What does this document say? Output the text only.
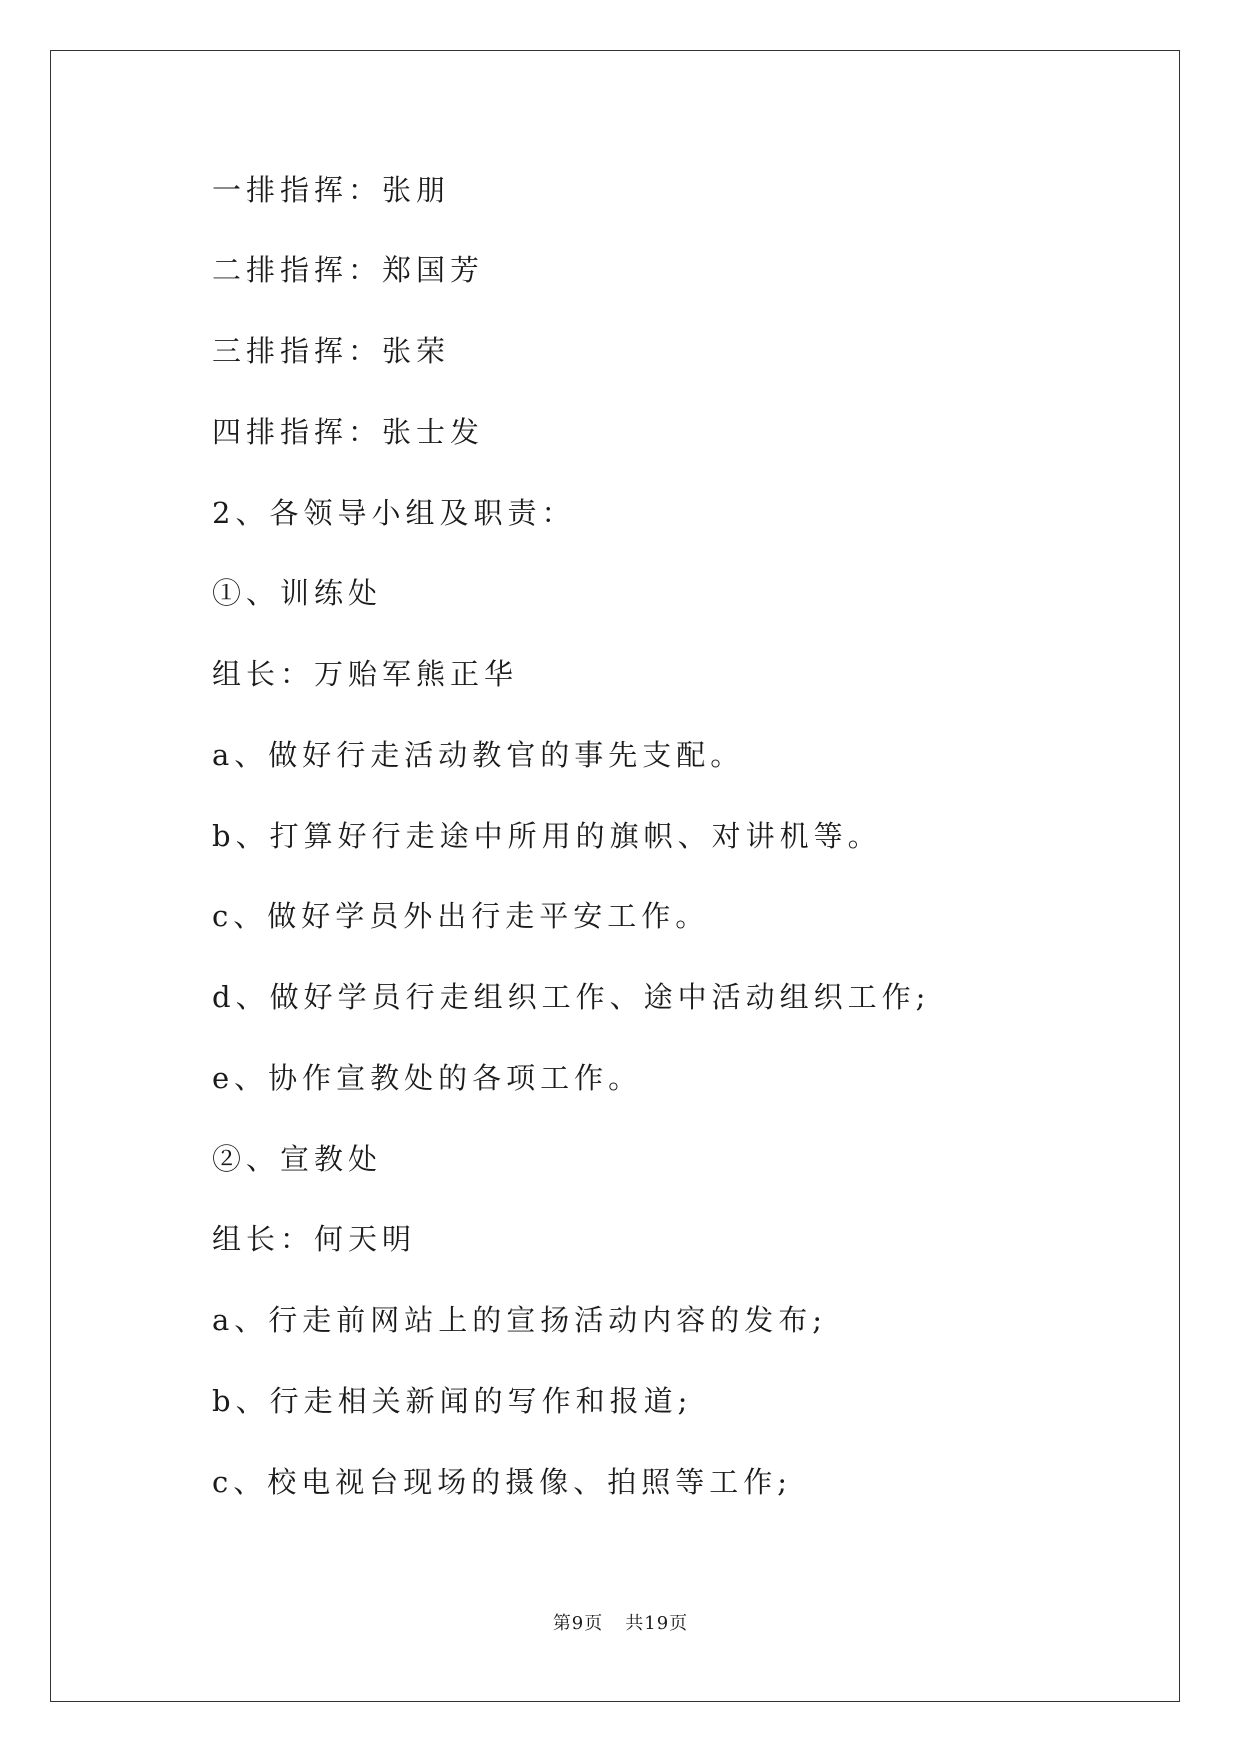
一排指挥：张朋
二排指挥：郑国芳
三排指挥：张荣
四排指挥：张士发
2、各领导小组及职责：
①、训练处
组长：万贻军熊正华
a、做好行走活动教官的事先支配。
b、打算好行走途中所用的旗帜、对讲机等。
c、做好学员外出行走平安工作。
d、做好学员行走组织工作、途中活动组织工作;
e、协作宣教处的各项工作。
②、宣教处
组长：何天明
a、行走前网站上的宣扬活动内容的发布;
b、行走相关新闻的写作和报道;
c、校电视台现场的摄像、拍照等工作;
第9页 共19页
